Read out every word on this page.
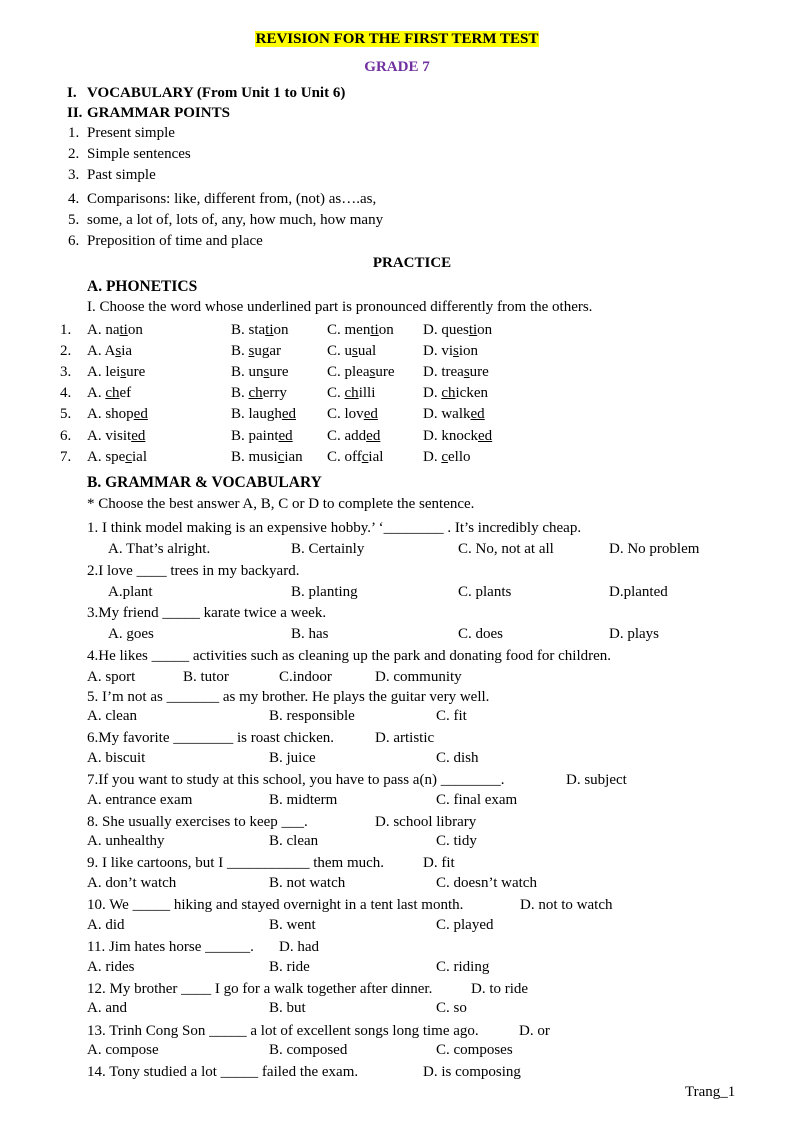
REVISION FOR THE FIRST TERM TEST
GRADE 7
I. VOCABULARY (From Unit 1 to Unit 6)
II. GRAMMAR POINTS
1. Present simple
2. Simple sentences
3. Past simple
4. Comparisons: like, different from, (not) as….as,
5. some, a lot of, lots of, any, how much, how many
6. Preposition of time and place
PRACTICE
A. PHONETICS
I. Choose the word whose underlined part is pronounced differently from the others.
1. A. nation	B. station	C. mention D. question
2. A. Asia	B. sugar	C. usual	D. vision
3. A. leisure	B. unsure	C. pleasure D. treasure
4. A. chef	B. cherry	C. chilli	D. chicken
5. A. shoped	B. laughed C. loved	D. walked
6. A. visited	B. painted C. added	D. knocked
7. A. special	B. musician C. offcial	D. cello
B. GRAMMAR & VOCABULARY
* Choose the best answer A, B, C or D to complete the sentence.
1. I think model making is an expensive hobby.’ ‘________ . It’s incredibly cheap.
A. That’s alright.	B. Certainly	C. No, not at all	D. No problem
2.I love ____ trees in my backyard.
A.plant	B. planting	C. plants	D.planted
3.My friend _____ karate twice a week.
A. goes	B. has	C. does	D. plays
4.He likes _____ activities such as cleaning up the park and donating food for children.
A. sport	B. tutor	C.indoor	D. community
5. I’m not as _______ as my brother. He plays the guitar very well.
A. clean	B. responsible	C. fit
6.My favorite ________ is roast chicken.	D. artistic
A. biscuit	B. juice	C. dish
7.If you want to study at this school, you have to pass a(n) ________.	D. subject
A. entrance exam	B. midterm	C. final exam
8. She usually exercises to keep ___.	D. school library
A. unhealthy	B. clean	C. tidy
9. I like cartoons, but I ___________ them much.	D. fit
A. don’t watch	B. not watch	C. doesn’t watch
10. We _____ hiking and stayed overnight in a tent last month.	D. not to watch
A. did	B. went	C. played
11. Jim hates horse ______. D. had
A. rides	B. ride	C. riding
12. My brother ____ I go for a walk together after dinner.	D. to ride
A. and	B. but	C. so
13. Trinh Cong Son _____ a lot of excellent songs long time ago.	D. or
A. compose	B. composed	C. composes
14. Tony studied a lot _____ failed the exam.	D. is composing
Trang_1
